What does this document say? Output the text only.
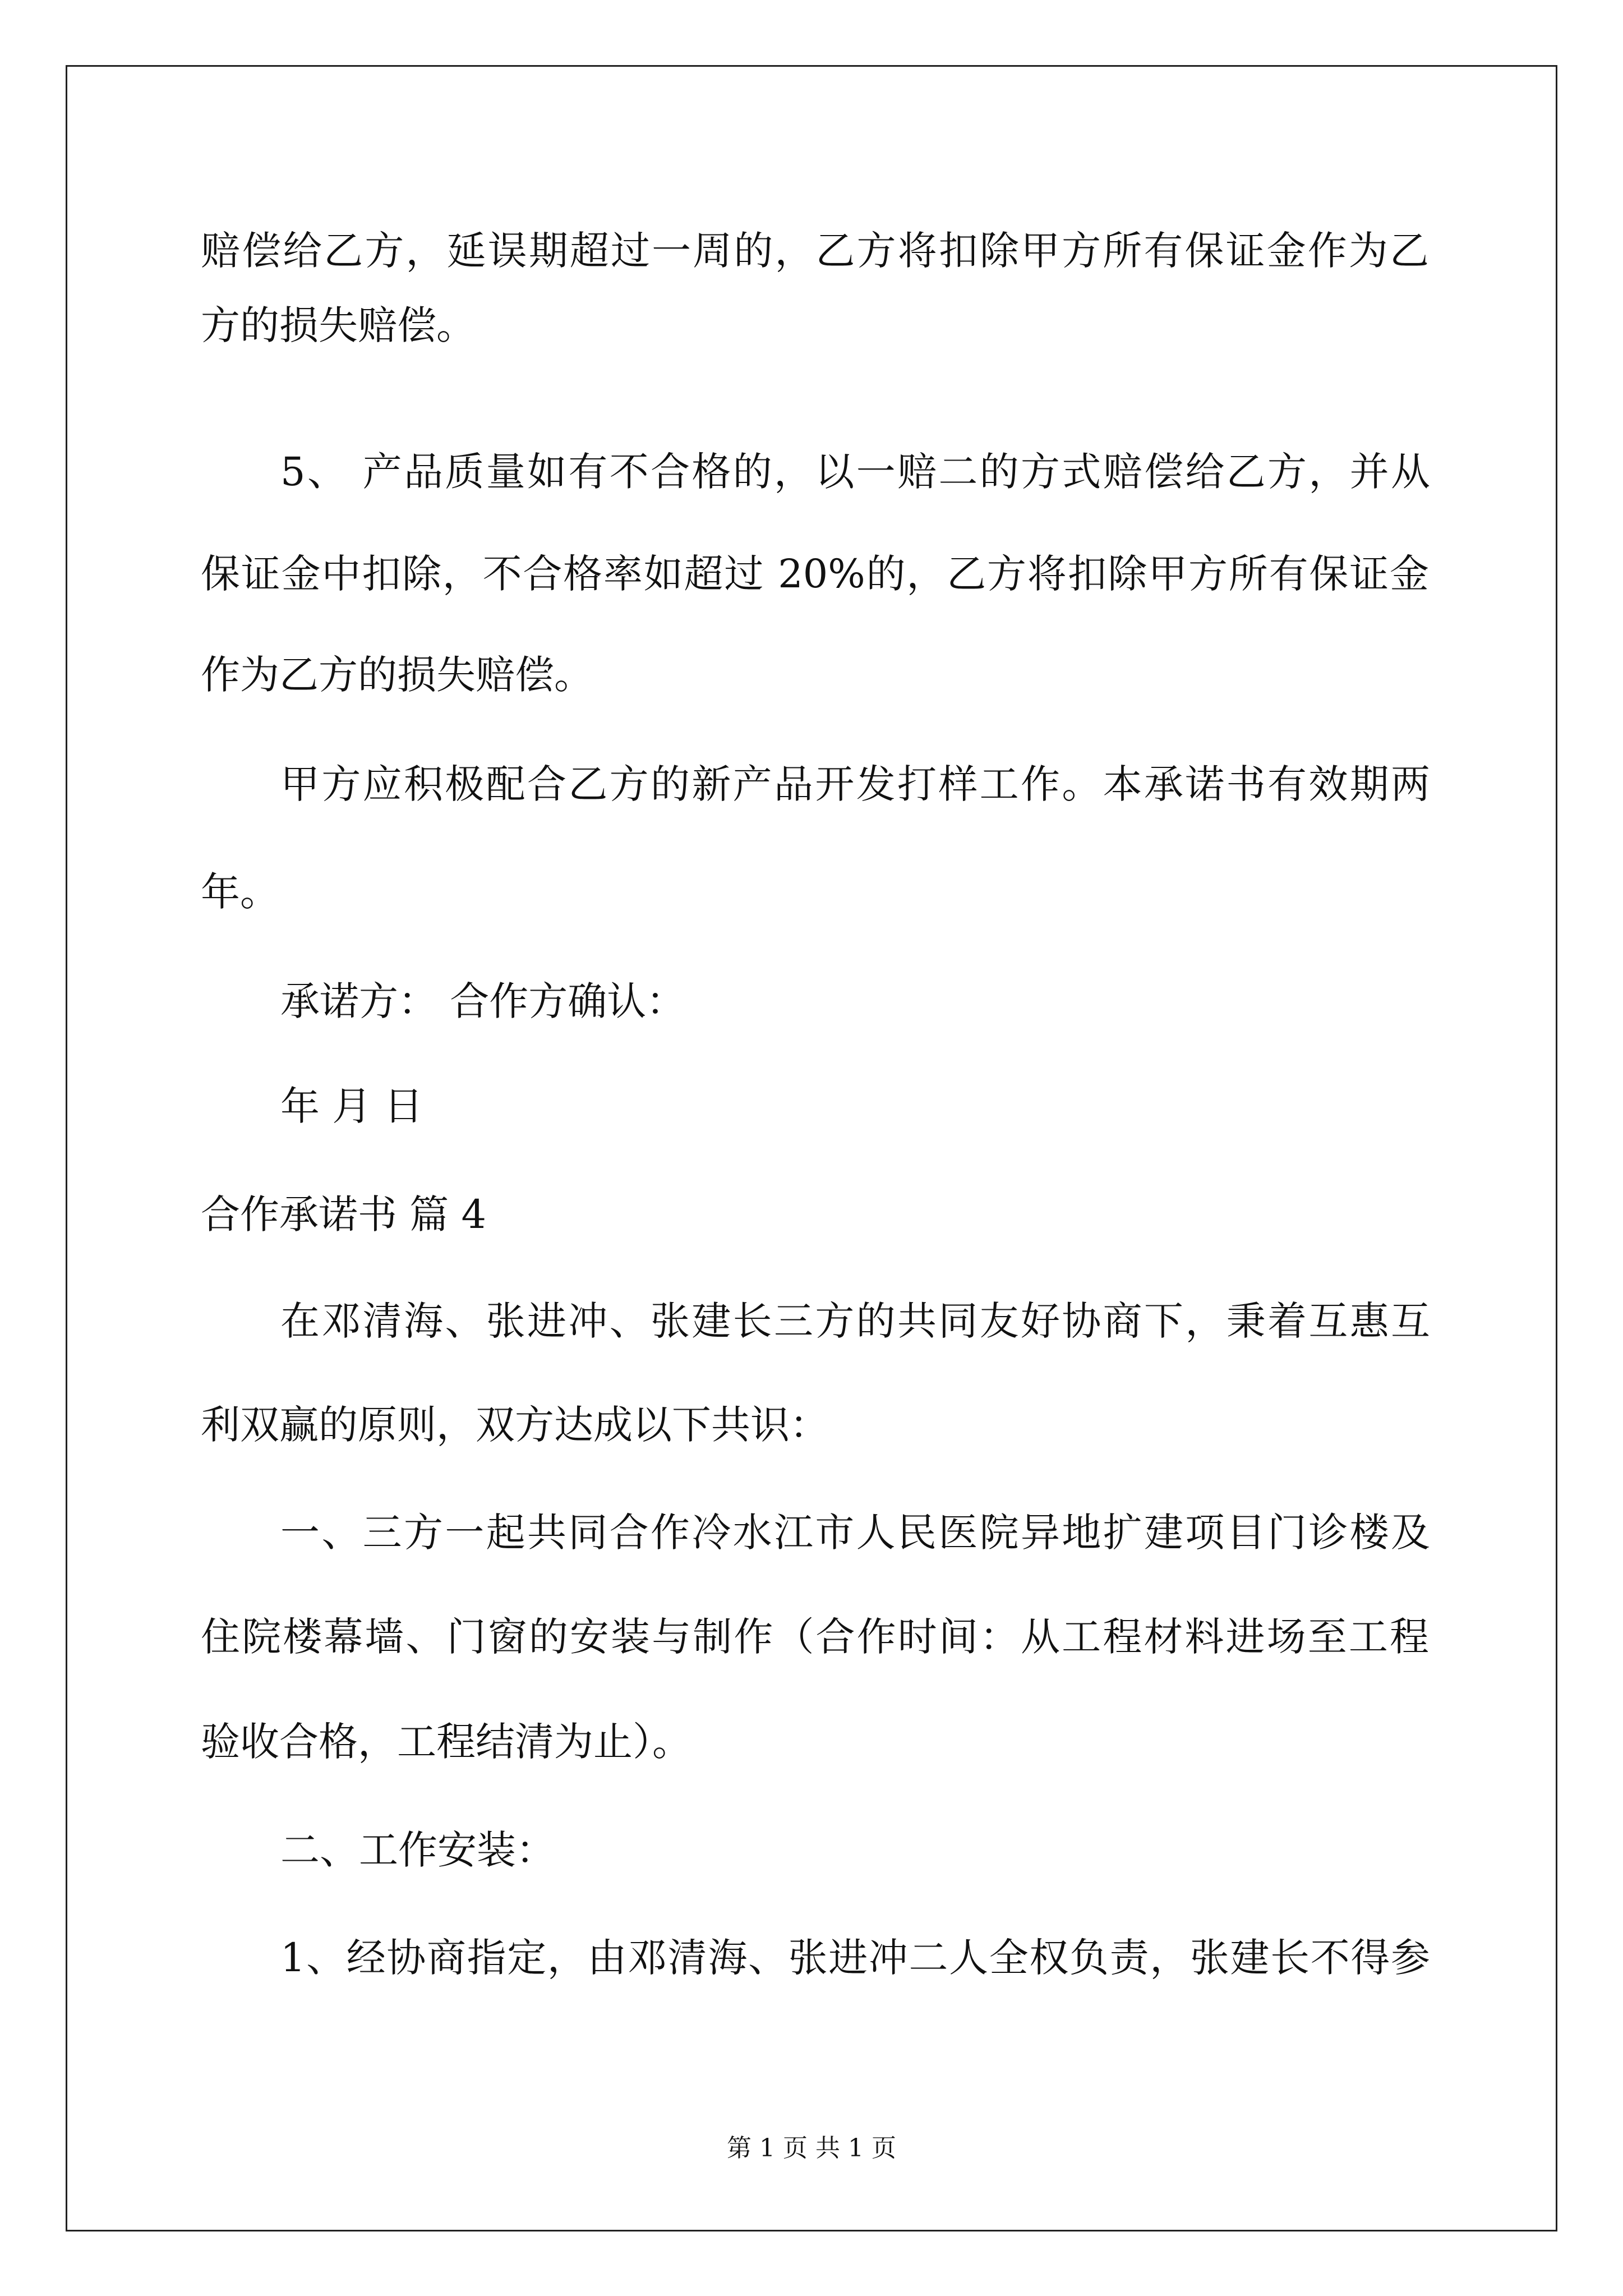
赔偿给乙方，延误期超过一周的，乙方将扣除甲方所有保证金作为乙
方的损失赔偿。
5、 产品质量如有不合格的，以一赔二的方式赔偿给乙方，并从
保证金中扣除，不合格率如超过 20%的，乙方将扣除甲方所有保证金
作为乙方的损失赔偿。
甲方应积极配合乙方的新产品开发打样工作。本承诺书有效期两
年。
承诺方： 合作方确认：
年 月 日
合作承诺书 篇 4
在邓清海、张进冲、张建长三方的共同友好协商下，秉着互惠互
利双赢的原则，双方达成以下共识：
一、三方一起共同合作冷水江市人民医院异地扩建项目门诊楼及
住院楼幕墙、门窗的安装与制作（合作时间：从工程材料进场至工程
验收合格，工程结清为止）。
二、工作安装：
1、经协商指定，由邓清海、张进冲二人全权负责，张建长不得参
第 1 页 共 1 页
